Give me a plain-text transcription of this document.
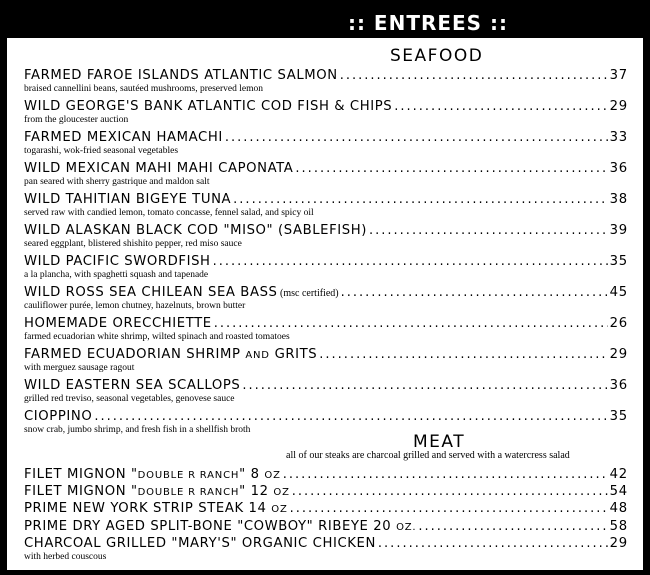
:: ENTREES ::
SEAFOOD
FARMED FAROE ISLANDS ATLANTIC SALMON .....	37
braised cannellini beans, sautéed mushrooms, preserved lemon
WILD GEORGE'S BANK ATLANTIC COD FISH & CHIPS .....	29
from the gloucester auction
FARMED MEXICAN HAMACHI .....	33
togarashi, wok-fried seasonal vegetables
WILD MEXICAN MAHI MAHI CAPONATA .....	36
pan seared with sherry gastrique and maldon salt
WILD TAHITIAN BIGEYE TUNA .....	38
served raw with candied lemon, tomato concasse, fennel salad, and spicy oil
WILD ALASKAN BLACK COD "MISO" (SABLEFISH) .....	39
seared eggplant, blistered shishito pepper, red miso sauce
WILD PACIFIC SWORDFISH .....	35
a la plancha, with spaghetti squash and tapenade
WILD ROSS SEA CHILEAN SEA BASS (msc certified) .....	45
cauliflower purée, lemon chutney, hazelnuts, brown butter
HOMEMADE ORECCHIETTE .....	26
farmed ecuadorian white shrimp, wilted spinach and roasted tomatoes
FARMED ECUADORIAN SHRIMP AND GRITS .....	29
with merguez sausage ragout
WILD EASTERN SEA SCALLOPS .....	36
grilled red treviso, seasonal vegetables, genovese sauce
CIOPPINO .....	35
snow crab, jumbo shrimp, and fresh fish in a shellfish broth
MEAT
all of our steaks are charcoal grilled and served with a watercress salad
FILET MIGNON "DOUBLE R RANCH" 8 OZ .....	42
FILET MIGNON "DOUBLE R RANCH" 12 OZ .....	54
PRIME NEW YORK STRIP STEAK 14 OZ .....	48
PRIME DRY AGED SPLIT-BONE "COWBOY" RIBEYE 20 OZ. .....	58
CHARCOAL GRILLED "MARY'S" ORGANIC CHICKEN .....	29
with herbed couscous
